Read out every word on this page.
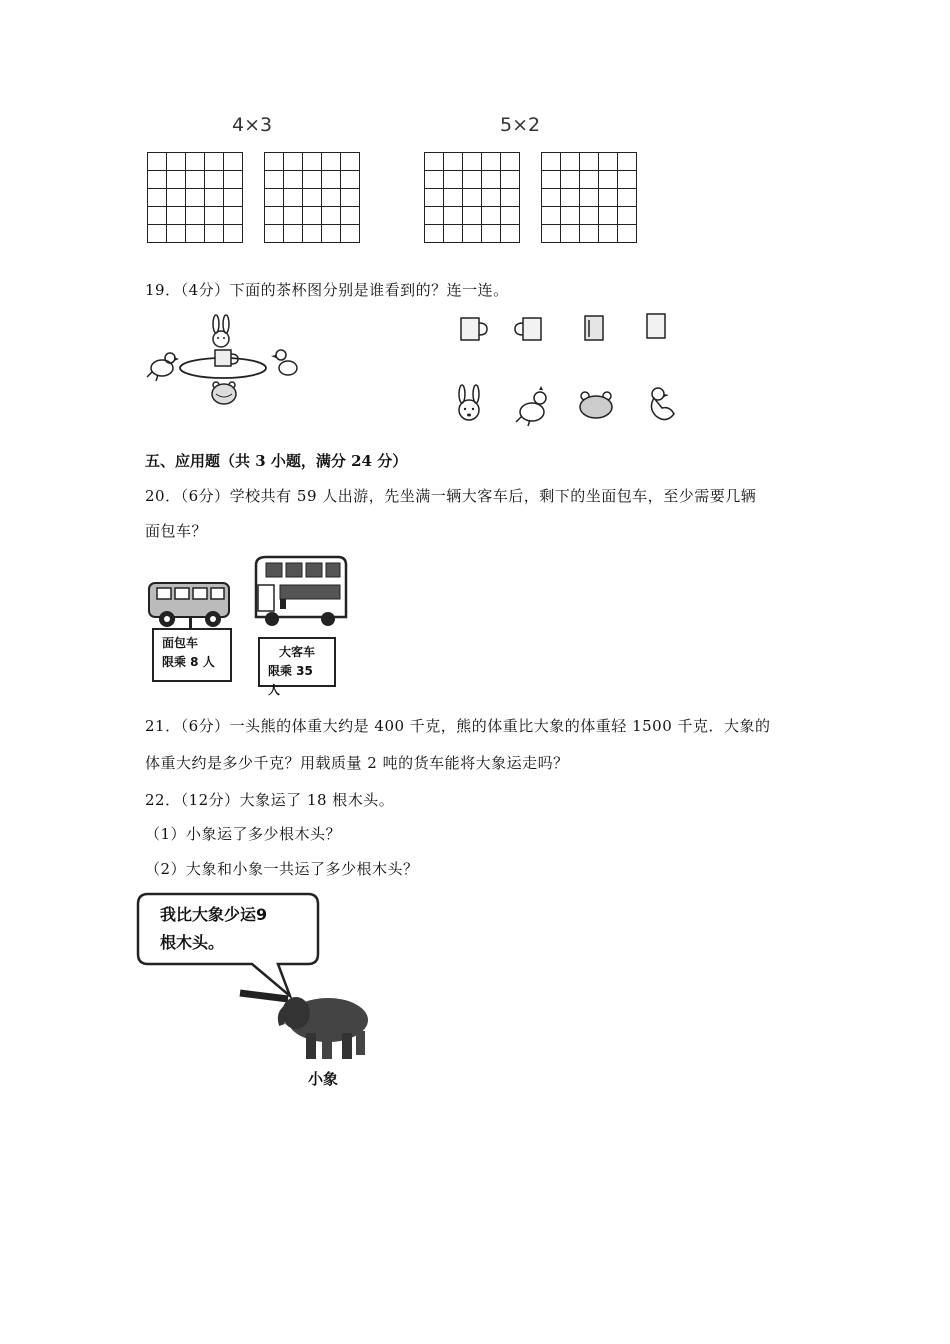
4×3	5×2

19．（4分）下面的茶杯图分别是谁看到的？连一连。
五、应用题（共 3 小题，满分 24 分）
20．（6分）学校共有 59 人出游，先坐满一辆大客车后，剩下的坐面包车，至少需要几辆
面包车？
面包车
限乘 8 人
大客车
限乘 35 人
21．（6分）一头熊的体重大约是 400 千克，熊的体重比大象的体重轻 1500 千克．大象的
体重大约是多少千克？用载质量 2 吨的货车能将大象运走吗？
22．（12分）大象运了 18 根木头。
（1）小象运了多少根木头？
（2）大象和小象一共运了多少根木头？
我比大象少运9
根木头。
小象
